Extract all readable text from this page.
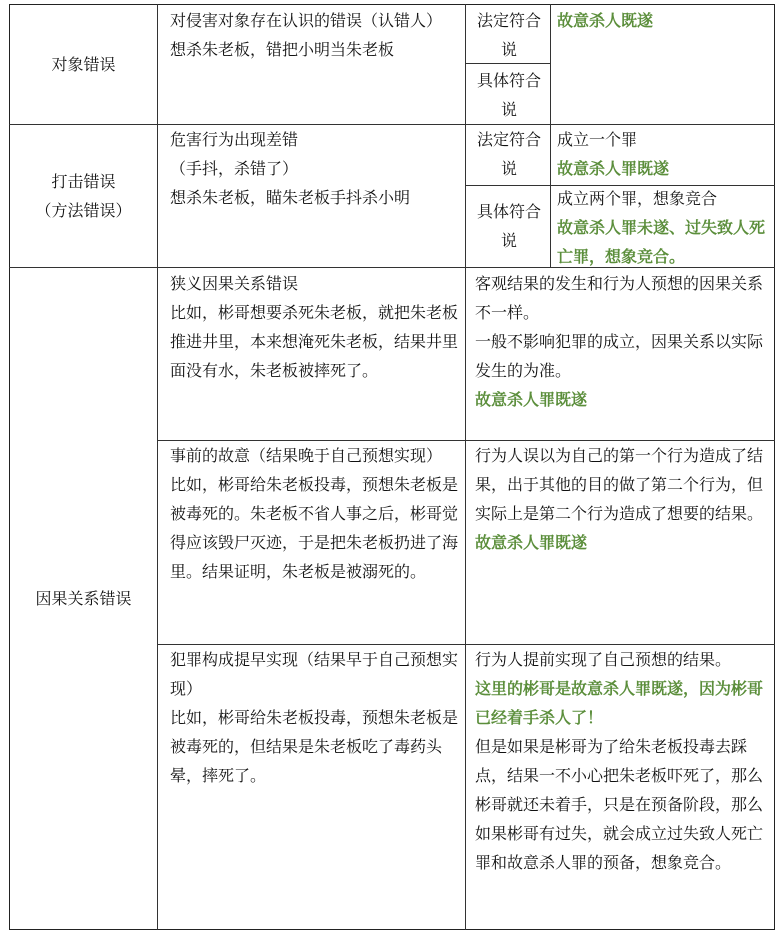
对象错误

对侵害对象存在认识的错误（认错人）

想杀朱老板，错把小明当朱老板

法定符合说

故意杀人既遂

具体符合说

打击错误
（方法错误）

危害行为出现差错

（手抖，杀错了）

想杀朱老板，瞄朱老板手抖杀小明

法定符合说

成立一个罪

故意杀人罪既遂

具体符合说

成立两个罪，想象竞合

故意杀人罪未遂、过失致人死亡罪，想象竞合。

因果关系错误

狭义因果关系错误

比如，彬哥想要杀死朱老板，就把朱老板推进井里，本来想淹死朱老板，结果井里面没有水，朱老板被摔死了。

客观结果的发生和行为人预想的因果关系不一样。

一般不影响犯罪的成立，因果关系以实际发生的为准。

故意杀人罪既遂

事前的故意（结果晚于自己预想实现）

比如，彬哥给朱老板投毒，预想朱老板是被毒死的。朱老板不省人事之后，彬哥觉得应该毁尸灭迹，于是把朱老板扔进了海里。结果证明，朱老板是被溺死的。

行为人误以为自己的第一个行为造成了结果，出于其他的目的做了第二个行为，但实际上是第二个行为造成了想要的结果。

故意杀人罪既遂

犯罪构成提早实现（结果早于自己预想实现）

比如，彬哥给朱老板投毒，预想朱老板是被毒死的，但结果是朱老板吃了毒药头晕，摔死了。

行为人提前实现了自己预想的结果。

这里的彬哥是故意杀人罪既遂，因为彬哥已经着手杀人了！

但是如果是彬哥为了给朱老板投毒去踩点，结果一不小心把朱老板吓死了，那么彬哥就还未着手，只是在预备阶段，那么如果彬哥有过失，就会成立过失致人死亡罪和故意杀人罪的预备，想象竞合。
